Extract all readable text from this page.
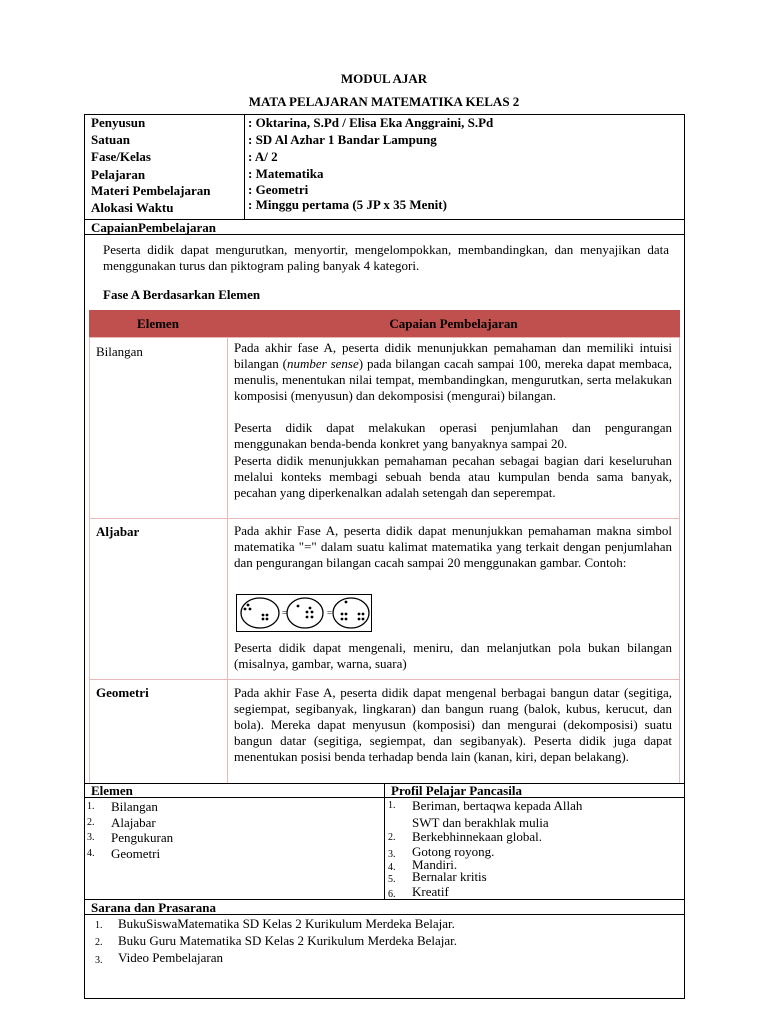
MODUL AJAR
MATA PELAJARAN MATEMATIKA KELAS 2
Penyusun	: Oktarina, S.Pd / Elisa Eka Anggraini, S.Pd
Satuan	: SD Al Azhar 1 Bandar Lampung
Fase/Kelas	: A/ 2
Pelajaran	: Matematika
Materi Pembelajaran	: Geometri
Alokasi Waktu	: Minggu pertama (5 JP x 35 Menit)
CapaianPembelajaran
Peserta didik dapat mengurutkan, menyortir, mengelompokkan, membandingkan, dan menyajikan data menggunakan turus dan piktogram paling banyak 4 kategori.
Fase A Berdasarkan Elemen
Elemen	Capaian Pembelajaran
Bilangan	Pada akhir fase A, peserta didik menunjukkan pemahaman dan memiliki intuisi bilangan (number sense) pada bilangan cacah sampai 100, mereka dapat membaca, menulis, menentukan nilai tempat, membandingkan, mengurutkan, serta melakukan komposisi (menyusun) dan dekomposisi (mengurai) bilangan.
Peserta didik dapat melakukan operasi penjumlahan dan pengurangan menggunakan benda-benda konkret yang banyaknya sampai 20.
Peserta didik menunjukkan pemahaman pecahan sebagai bagian dari keseluruhan melalui konteks membagi sebuah benda atau kumpulan benda sama banyak, pecahan yang diperkenalkan adalah setengah dan seperempat.
Aljabar	Pada akhir Fase A, peserta didik dapat menunjukkan pemahaman makna simbol matematika "=" dalam suatu kalimat matematika yang terkait dengan penjumlahan dan pengurangan bilangan cacah sampai 20 menggunakan gambar. Contoh:
=	=
Peserta didik dapat mengenali, meniru, dan melanjutkan pola bukan bilangan (misalnya, gambar, warna, suara)
Geometri	Pada akhir Fase A, peserta didik dapat mengenal berbagai bangun datar (segitiga, segiempat, segibanyak, lingkaran) dan bangun ruang (balok, kubus, kerucut, dan bola). Mereka dapat menyusun (komposisi) dan mengurai (dekomposisi) suatu bangun datar (segitiga, segiempat, dan segibanyak). Peserta didik juga dapat menentukan posisi benda terhadap benda lain (kanan, kiri, depan belakang).
Elemen	Profil Pelajar Pancasila
1. Bilangan
2. Alajabar
3. Pengukuran
4. Geometri
1. Beriman, bertaqwa kepada Allah
SWT dan berakhlak mulia
2. Berkebhinnekaan global.
3. Gotong royong.
4. Mandiri.
5. Bernalar kritis
6. Kreatif
Sarana dan Prasarana
1. BukuSiswaMatematika SD Kelas 2 Kurikulum Merdeka Belajar.
2. Buku Guru Matematika SD Kelas 2 Kurikulum Merdeka Belajar.
3. Video Pembelajaran
